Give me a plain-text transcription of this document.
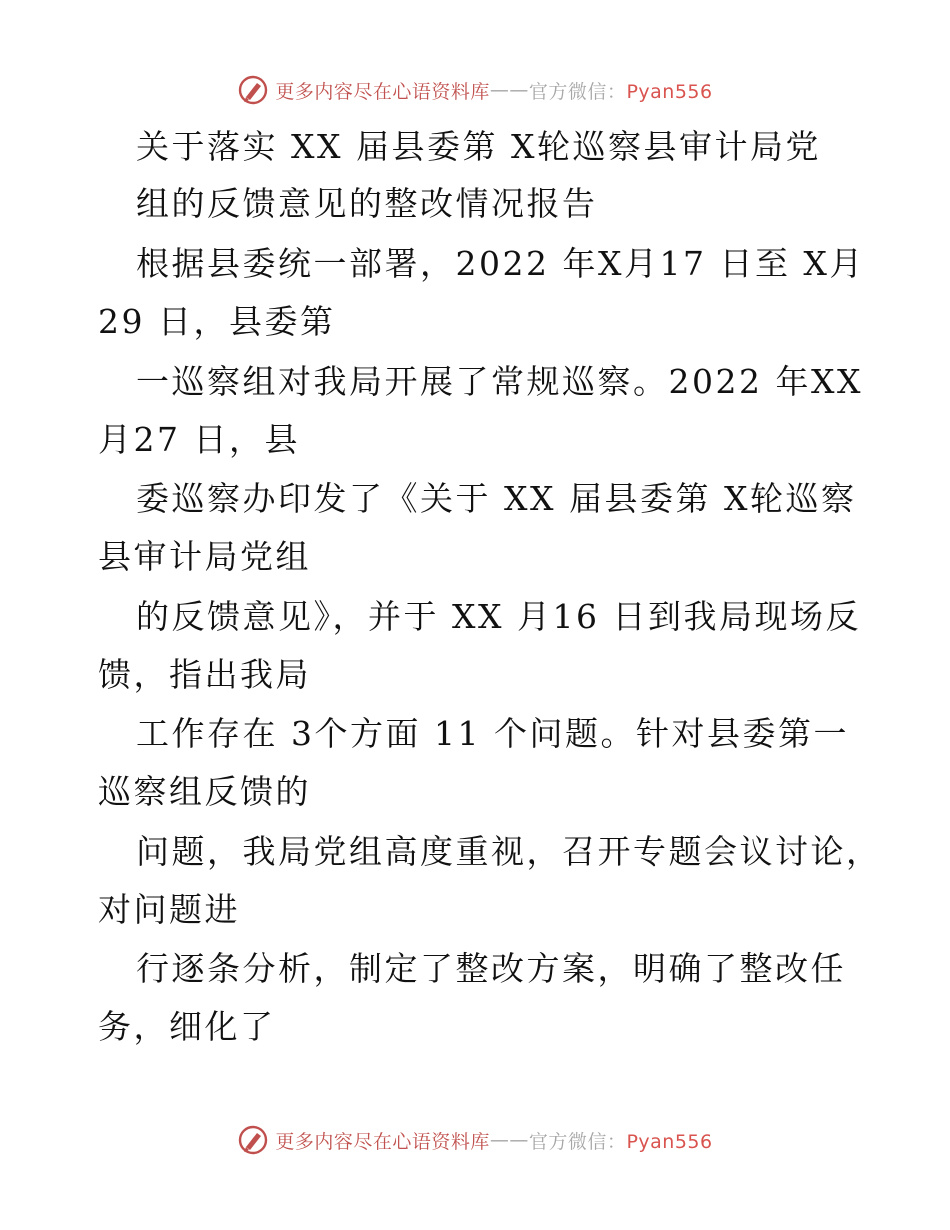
更多内容尽在心语资料库 —— 官方微信：Pyan556
关于落实 XX 届县委第 X轮巡察县审计局党
组的反馈意见的整改情况报告
根据县委统一部署，2022 年X月17 日至 X月
29 日，县委第
一巡察组对我局开展了常规巡察。2022 年XX
月27 日，县
委巡察办印发了《关于 XX 届县委第 X轮巡察
县审计局党组
的反馈意见》，并于 XX 月16 日到我局现场反
馈，指出我局
工作存在 3个方面 11 个问题。针对县委第一
巡察组反馈的
问题，我局党组高度重视，召开专题会议讨论，
对问题进
行逐条分析，制定了整改方案，明确了整改任
务，细化了
更多内容尽在心语资料库 —— 官方微信：Pyan556
